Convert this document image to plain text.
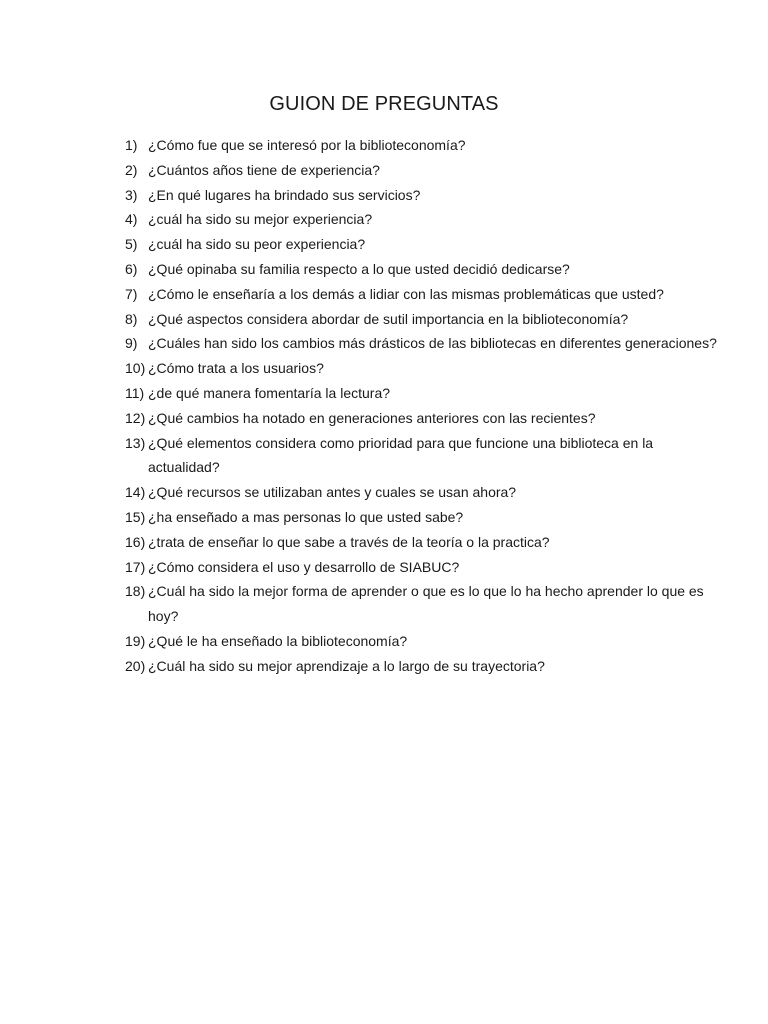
GUION DE PREGUNTAS
1) ¿Cómo fue que se interesó por la biblioteconomía?
2) ¿Cuántos años tiene de experiencia?
3) ¿En qué lugares ha brindado sus servicios?
4) ¿cuál ha sido su mejor experiencia?
5) ¿cuál ha sido su peor experiencia?
6) ¿Qué opinaba su familia respecto a lo que usted decidió dedicarse?
7) ¿Cómo le enseñaría a los demás a lidiar con las mismas problemáticas que usted?
8) ¿Qué aspectos considera abordar de sutil importancia en la biblioteconomía?
9) ¿Cuáles han sido los cambios más drásticos de las bibliotecas en diferentes generaciones?
10) ¿Cómo trata a los usuarios?
11) ¿de qué manera fomentaría la lectura?
12) ¿Qué cambios ha notado en generaciones anteriores con las recientes?
13) ¿Qué elementos considera como prioridad para que funcione una biblioteca en la actualidad?
14) ¿Qué recursos se utilizaban antes y cuales se usan ahora?
15) ¿ha enseñado a mas personas lo que usted sabe?
16) ¿trata de enseñar lo que sabe a través de la teoría o la practica?
17) ¿Cómo considera el uso y desarrollo de SIABUC?
18) ¿Cuál ha sido la mejor forma de aprender o que es lo que lo ha hecho aprender lo que es hoy?
19) ¿Qué le ha enseñado la biblioteconomía?
20) ¿Cuál ha sido su mejor aprendizaje a lo largo de su trayectoria?
